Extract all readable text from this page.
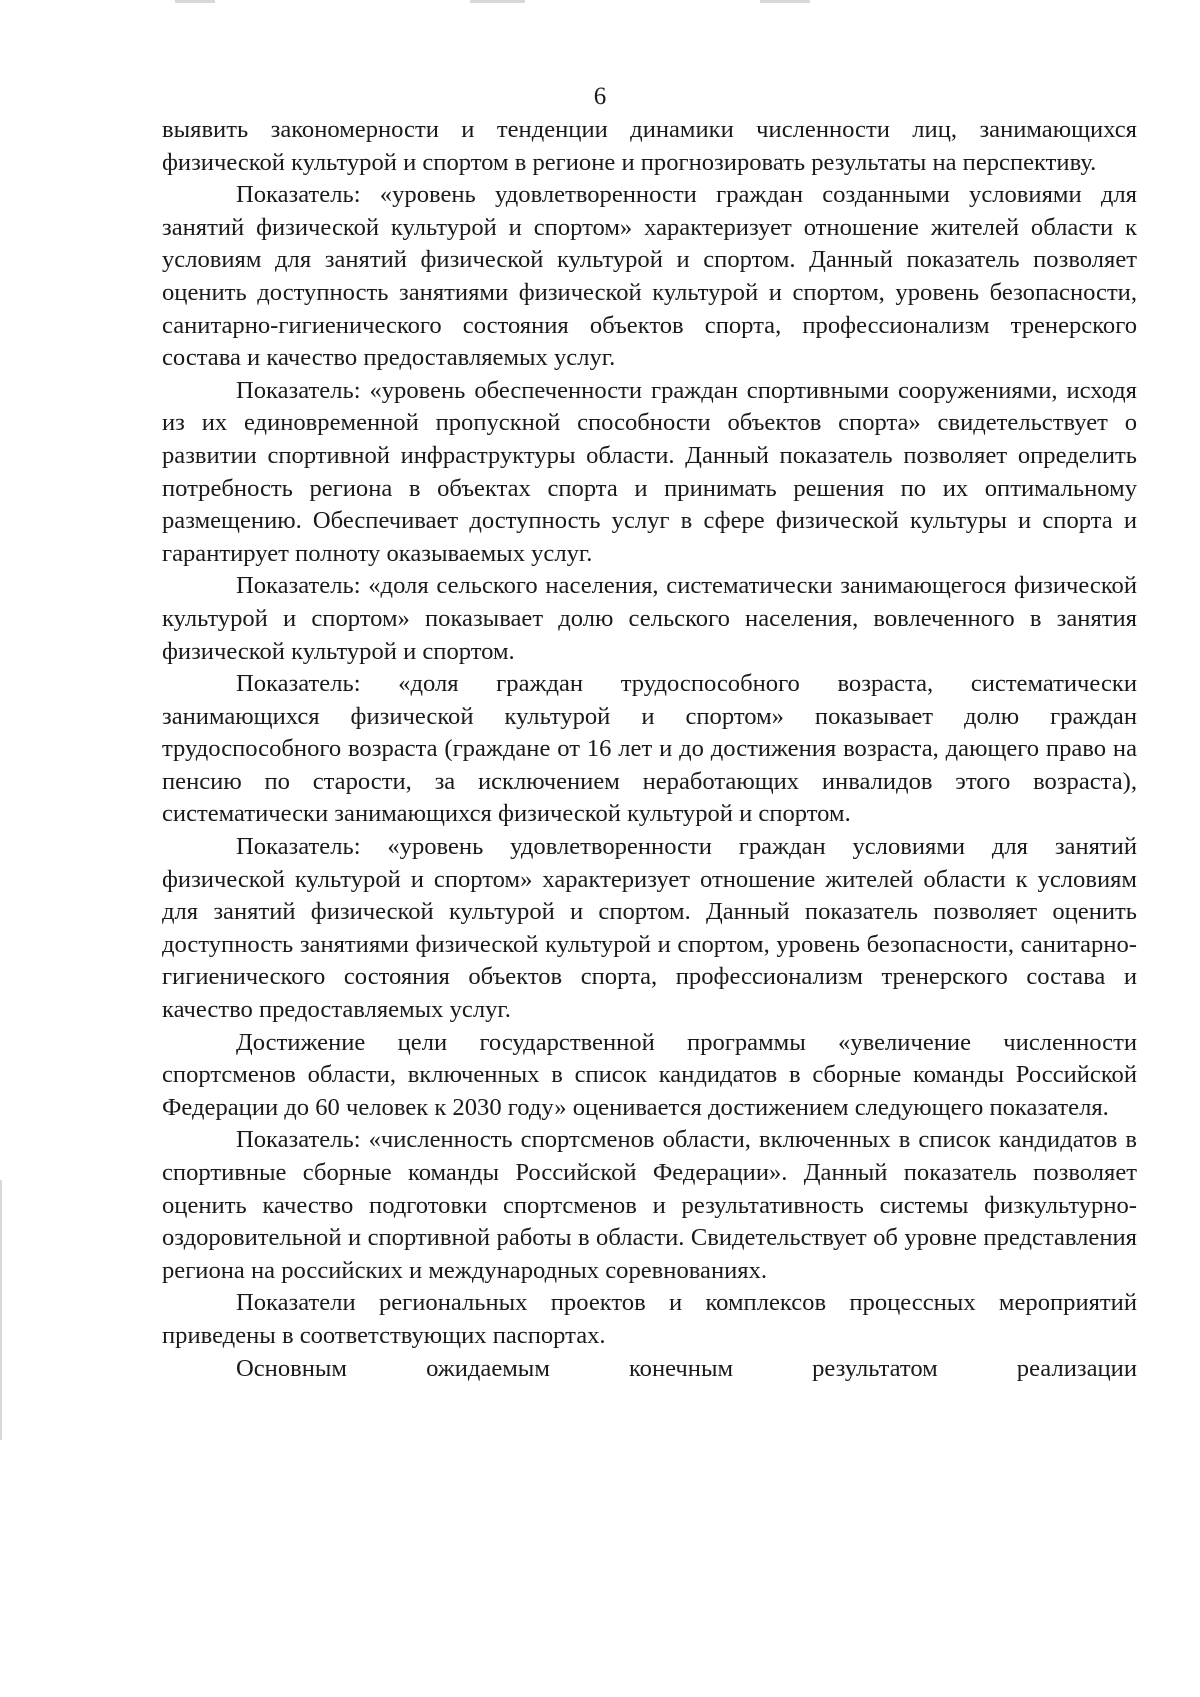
6

выявить закономерности и тенденции динамики численности лиц, занимающихся физической культурой и спортом в регионе и прогнозировать результаты на перспективу.

Показатель: «уровень удовлетворенности граждан созданными условиями для занятий физической культурой и спортом» характеризует отношение жителей области к условиям для занятий физической культурой и спортом. Данный показатель позволяет оценить доступность занятиями физической культурой и спортом, уровень безопасности, санитарно-гигиенического состояния объектов спорта, профессионализм тренерского состава и качество предоставляемых услуг.

Показатель: «уровень обеспеченности граждан спортивными сооружениями, исходя из их единовременной пропускной способности объектов спорта» свидетельствует о развитии спортивной инфраструктуры области. Данный показатель позволяет определить потребность региона в объектах спорта и принимать решения по их оптимальному размещению. Обеспечивает доступность услуг в сфере физической культуры и спорта и гарантирует полноту оказываемых услуг.

Показатель: «доля сельского населения, систематически занимающегося физической культурой и спортом» показывает долю сельского населения, вовлеченного в занятия физической культурой и спортом.

Показатель: «доля граждан трудоспособного возраста, систематически занимающихся физической культурой и спортом» показывает долю граждан трудоспособного возраста (граждане от 16 лет и до достижения возраста, дающего право на пенсию по старости, за исключением неработающих инвалидов этого возраста), систематически занимающихся физической культурой и спортом.

Показатель: «уровень удовлетворенности граждан условиями для занятий физической культурой и спортом» характеризует отношение жителей области к условиям для занятий физической культурой и спортом. Данный показатель позволяет оценить доступность занятиями физической культурой и спортом, уровень безопасности, санитарно-гигиенического состояния объектов спорта, профессионализм тренерского состава и качество предоставляемых услуг.

Достижение цели государственной программы «увеличение численности спортсменов области, включенных в список кандидатов в сборные команды Российской Федерации до 60 человек к 2030 году» оценивается достижением следующего показателя.

Показатель: «численность спортсменов области, включенных в список кандидатов в спортивные сборные команды Российской Федерации». Данный показатель позволяет оценить качество подготовки спортсменов и результативность системы физкультурно-оздоровительной и спортивной работы в области. Свидетельствует об уровне представления региона на российских и международных соревнованиях.

Показатели региональных проектов и комплексов процессных мероприятий приведены в соответствующих паспортах.

Основным ожидаемым конечным результатом реализации
